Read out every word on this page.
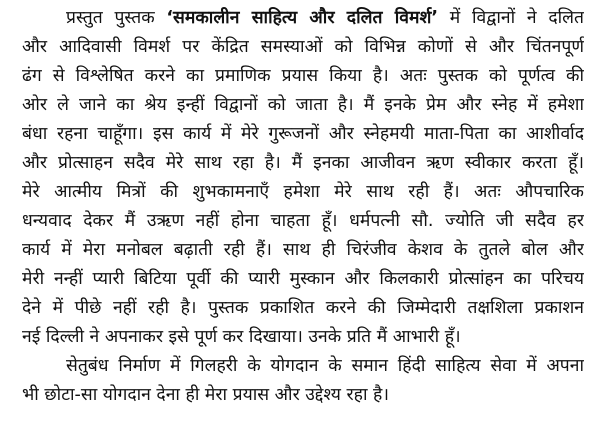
प्रस्तुत पुस्तक ‘समकालीन साहित्य और दलित विमर्श’ में विद्वानों ने दलित
और आदिवासी विमर्श पर केंद्रित समस्याओं को विभिन्न कोणों से और चिंतनपूर्ण
ढंग से विश्लेषित करने का प्रमाणिक प्रयास किया है। अतः पुस्तक को पूर्णत्व की
ओर ले जाने का श्रेय इन्हीं विद्वानों को जाता है। मैं इनके प्रेम और स्नेह में हमेशा
बंधा रहना चाहूँगा। इस कार्य में मेरे गुरूजनों और स्नेहमयी माता-पिता का आशीर्वाद
और प्रोत्साहन सदैव मेरे साथ रहा है। मैं इनका आजीवन ऋण स्वीकार करता हूँ।
मेरे आत्मीय मित्रों की शुभकामनाएँ हमेशा मेरे साथ रही हैं। अतः औपचारिक
धन्यवाद देकर मैं उऋण नहीं होना चाहता हूँ। धर्मपत्नी सौ. ज्योति जी सदैव हर
कार्य में मेरा मनोबल बढ़ाती रही हैं। साथ ही चिरंजीव केशव के तुतले बोल और
मेरी नन्हीं प्यारी बिटिया पूर्वी की प्यारी मुस्कान और किलकारी प्रोत्सांहन का परिचय
देने में पीछे नहीं रही है। पुस्तक प्रकाशित करने की जिम्मेदारी तक्षशिला प्रकाशन
नई दिल्ली ने अपनाकर इसे पूर्ण कर दिखाया। उनके प्रति मैं आभारी हूँ।
सेतुबंध निर्माण में गिलहरी के योगदान के समान हिंदी साहित्य सेवा में अपना
भी छोटा-सा योगदान देना ही मेरा प्रयास और उद्देश्य रहा है।
